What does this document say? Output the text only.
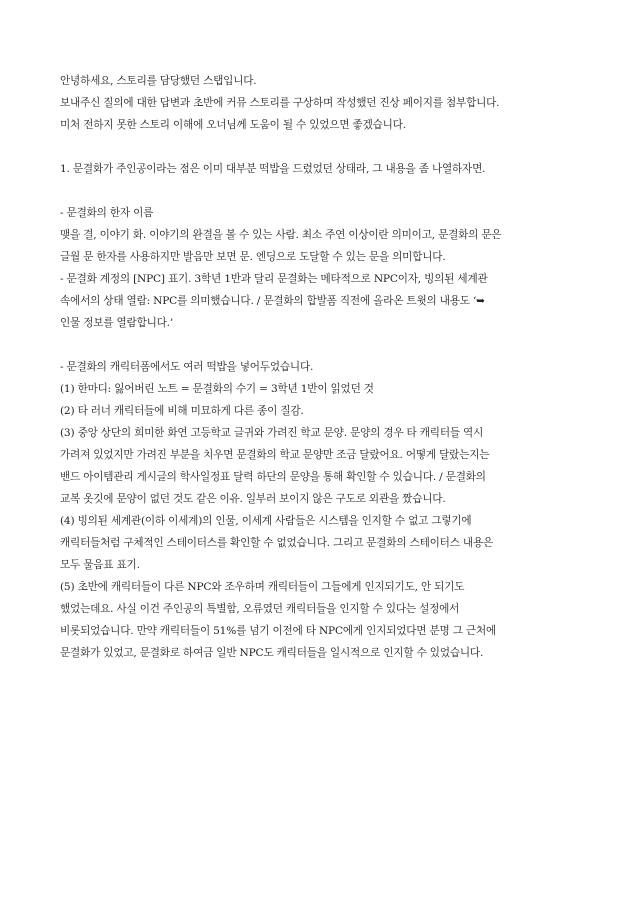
안녕하세요, 스토리를 담당했던 스탭입니다.
보내주신 질의에 대한 답변과 초반에 커뮤 스토리를 구상하며 작성했던 진상 페이지를 첨부합니다.
미처 전하지 못한 스토리 이해에 오너님께 도움이 될 수 있었으면 좋겠습니다.
1. 문결화가 주인공이라는 점은 이미 대부분 떡밥을 드렸었던 상태라, 그 내용을 좀 나열하자면.
- 문결화의 한자 이름
맺을 결, 이야기 화. 이야기의 완결을 볼 수 있는 사람. 최소 주연 이상이란 의미이고, 문결화의 문은
글월 문 한자를 사용하지만 발음만 보면 문. 엔딩으로 도달할 수 있는 문을 의미합니다.
- 문결화 계정의 [NPC] 표기. 3학년 1반과 달리 문결화는 메타적으로 NPC이자, 빙의된 세계관
속에서의 상태 열람: NPC를 의미했습니다. / 문결화의 합발폼 직전에 올라온 트윗의 내용도 ‘➥
인물 정보를 열람합니다.’
- 문결화의 캐릭터폼에서도 여러 떡밥을 넣어두었습니다.
(1) 한마디: 잃어버린 노트 = 문결화의 수기 = 3학년 1반이 읽었던 것
(2) 타 러너 캐릭터들에 비해 미묘하게 다른 종이 질감.
(3) 중앙 상단의 희미한 화연 고등학교 글귀와 가려진 학교 문양. 문양의 경우 타 캐릭터들 역시
가려져 있었지만 가려진 부분을 치우면 문결화의 학교 문양만 조금 달랐어요. 어떻게 달랐는지는
밴드 아이템관리 게시글의 학사일정표 달력 하단의 문양을 통해 확인할 수 있습니다. / 문결화의
교복 옷깃에 문양이 없던 것도 같은 이유. 일부러 보이지 않은 구도로 외관을 짰습니다.
(4) 빙의된 세계관(이하 이세계)의 인물, 이세계 사람들은 시스템을 인지할 수 없고 그렇기에
캐릭터들처럼 구체적인 스테이터스를 확인할 수 없었습니다. 그리고 문결화의 스테이터스 내용은
모두 물음표 표기.
(5) 초반에 캐릭터들이 다른 NPC와 조우하며 캐릭터들이 그들에게 인지되기도, 안 되기도
했었는데요. 사실 이건 주인공의 특별함, 오류였던 캐릭터들을 인지할 수 있다는 설정에서
비롯되었습니다. 만약 캐릭터들이 51%를 넘기 이전에 타 NPC에게 인지되었다면 분명 그 근처에
문결화가 있었고, 문결화로 하여금 일반 NPC도 캐릭터들을 일시적으로 인지할 수 있었습니다.
